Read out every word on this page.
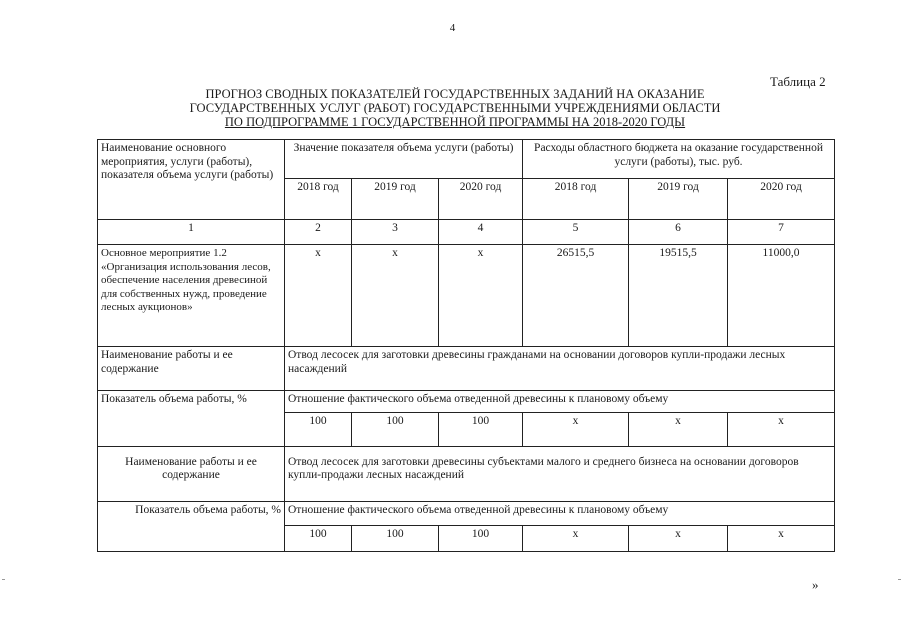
4
Таблица 2
ПРОГНОЗ СВОДНЫХ ПОКАЗАТЕЛЕЙ ГОСУДАРСТВЕННЫХ ЗАДАНИЙ НА ОКАЗАНИЕ
ГОСУДАРСТВЕННЫХ УСЛУГ (РАБОТ) ГОСУДАРСТВЕННЫМИ УЧРЕЖДЕНИЯМИ ОБЛАСТИ
ПО ПОДПРОГРАММЕ 1 ГОСУДАРСТВЕННОЙ ПРОГРАММЫ НА 2018-2020 ГОДЫ
Наименование основного мероприятия, услуги (работы), показателя объема услуги (работы)	Значение показателя объема услуги (работы)			Расходы областного бюджета на оказание государственной услуги (работы), тыс. руб.		
	2018 год	2019 год	2020 год	2018 год	2019 год	2020 год
1	2	3	4	5	6	7
Основное мероприятие 1.2 «Организация использования лесов, обеспечение населения древесиной для собственных нужд, проведение лесных аукционов»	x	x	x	26515,5	19515,5	11000,0
Наименование работы и ее содержание	Отвод лесосек для заготовки древесины гражданами на основании договоров купли-продажи лесных насаждений					
Показатель объема работы, %	Отношение фактического объема отведенной древесины к плановому объему					
	100	100	100	x	x	x

Наименование работы и ее содержание	Отвод лесосек для заготовки древесины субъектами малого и среднего бизнеса на основании договоров купли-продажи лесных насаждений					
Показатель объема работы, %	Отношение фактического объема отведенной древесины к плановому объему					
	100	100	100	x	x	x
»
